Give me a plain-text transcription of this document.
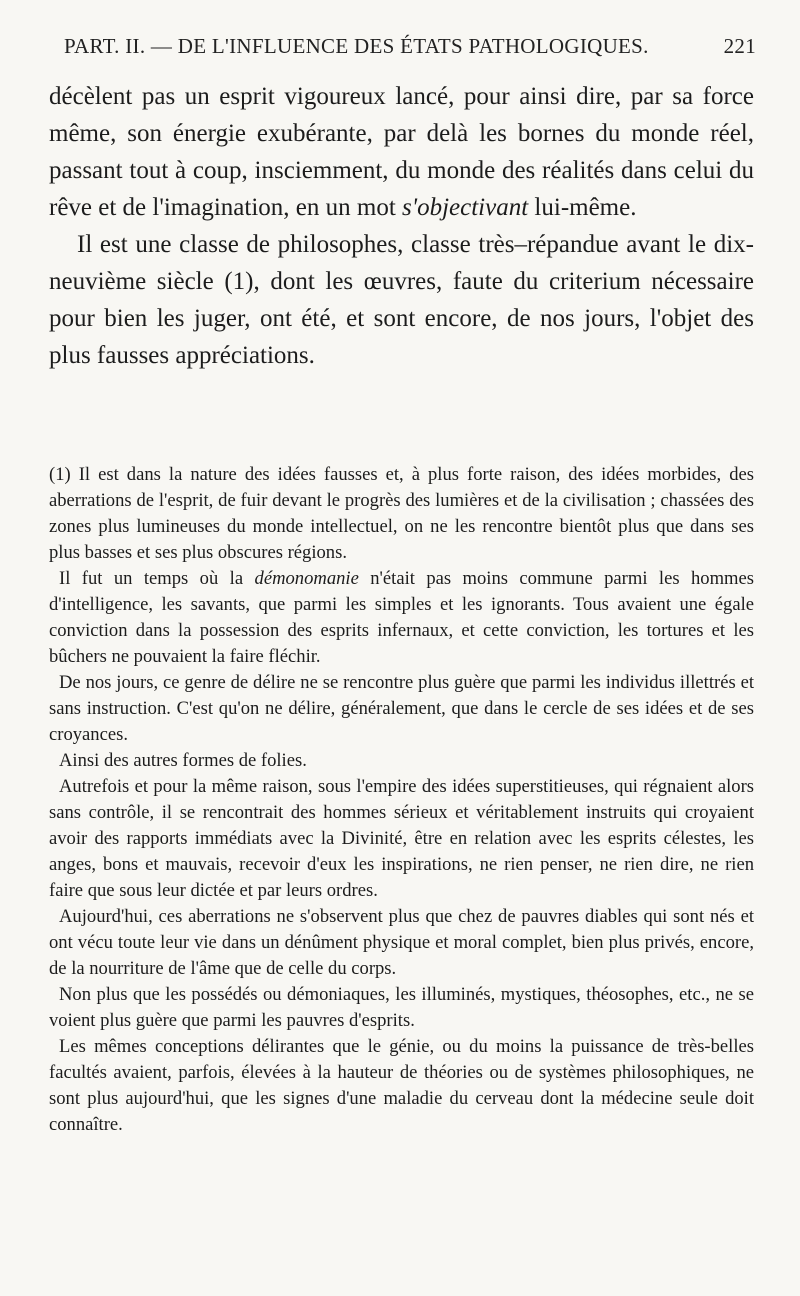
PART. II. — DE L'INFLUENCE DES ÉTATS PATHOLOGIQUES.	221

décèlent pas un esprit vigoureux lancé, pour ainsi dire, par sa force même, son énergie exubérante, par delà les bornes du monde réel, passant tout à coup, insciemment, du monde des réalités dans celui du rêve et de l'imagination, en un mot s'objectivant lui-même.

Il est une classe de philosophes, classe très–répandue avant le dix-neuvième siècle (1), dont les œuvres, faute du criterium nécessaire pour bien les juger, ont été, et sont encore, de nos jours, l'objet des plus fausses appréciations.

(1) Il est dans la nature des idées fausses et, à plus forte raison, des idées morbides, des aberrations de l'esprit, de fuir devant le progrès des lumières et de la civilisation ; chassées des zones plus lumineuses du monde intellectuel, on ne les rencontre bientôt plus que dans ses plus basses et ses plus obscures régions.

Il fut un temps où la démonomanie n'était pas moins commune parmi les hommes d'intelligence, les savants, que parmi les simples et les ignorants. Tous avaient une égale conviction dans la possession des esprits infernaux, et cette conviction, les tortures et les bûchers ne pouvaient la faire fléchir.

De nos jours, ce genre de délire ne se rencontre plus guère que parmi les individus illettrés et sans instruction. C'est qu'on ne délire, généralement, que dans le cercle de ses idées et de ses croyances.

Ainsi des autres formes de folies.

Autrefois et pour la même raison, sous l'empire des idées superstitieuses, qui régnaient alors sans contrôle, il se rencontrait des hommes sérieux et véritablement instruits qui croyaient avoir des rapports immédiats avec la Divinité, être en relation avec les esprits célestes, les anges, bons et mauvais, recevoir d'eux les inspirations, ne rien penser, ne rien dire, ne rien faire que sous leur dictée et par leurs ordres.

Aujourd'hui, ces aberrations ne s'observent plus que chez de pauvres diables qui sont nés et ont vécu toute leur vie dans un dénûment physique et moral complet, bien plus privés, encore, de la nourriture de l'âme que de celle du corps.

Non plus que les possédés ou démoniaques, les illuminés, mystiques, théosophes, etc., ne se voient plus guère que parmi les pauvres d'esprits.

Les mêmes conceptions délirantes que le génie, ou du moins la puissance de très-belles facultés avaient, parfois, élevées à la hauteur de théories ou de systèmes philosophiques, ne sont plus aujourd'hui, que les signes d'une maladie du cerveau dont la médecine seule doit connaître.
